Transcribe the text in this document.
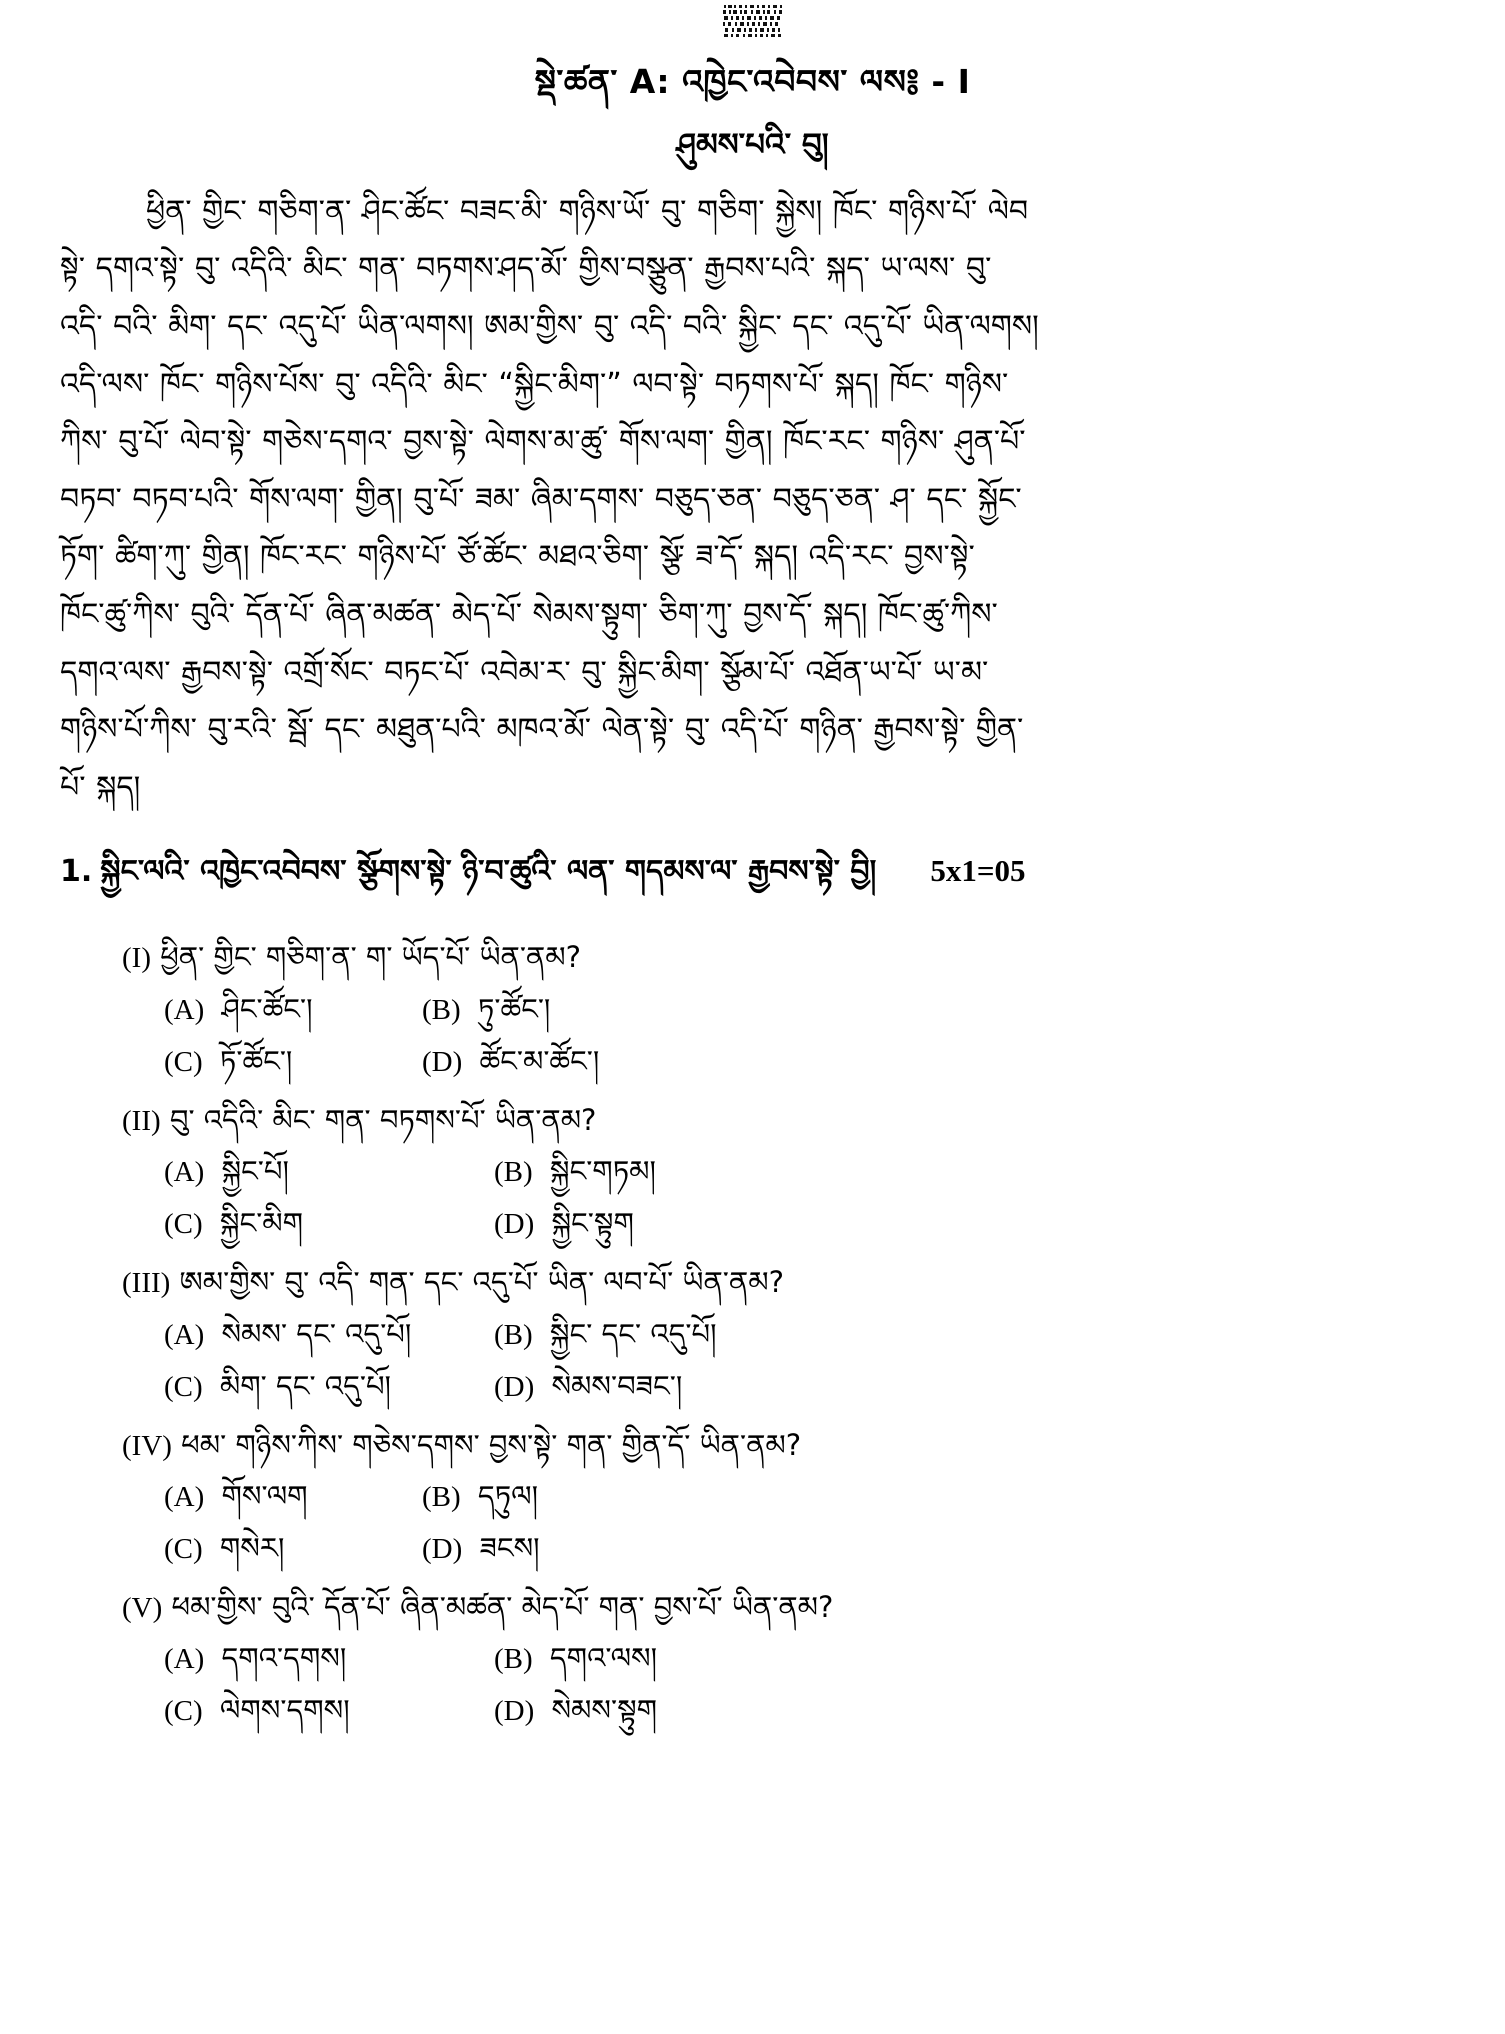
སྡེ་ཚན་ A: འཁྱེང་འབེབས་ ལས༔ - I
ཤུམས་པའི་ བུ།
ཕྱིན་ གྱིང་ གཅིག་ན་ ཤིང་ཚོང་ བཟང་མི་ གཉིས་ཡོ་ བུ་ གཅིག་ སྐྱེས། ཁོང་ གཉིས་པོ་ ལེབ
སྟེ་ དགའ་སྟེ་ བུ་ འདིའི་ མིང་ གན་ བཏགས་ཤད་མོ་ གྱིས་བསྩུན་ རྒྱབས་པའི་ སྐད་ ཡ་ལས་ བུ་
འདི་ བའི་ མིག་ དང་ འདུ་པོ་ ཡིན་ལགས། ཨམ་གྱིས་ བུ་ འདི་ བའི་ སྐྱིང་ དང་ འདུ་པོ་ ཡིན་ལགས།
འདི་ལས་ ཁོང་ གཉིས་པོས་ བུ་ འདིའི་ མིང་ “སྐྱིང་མིག་” ལབ་སྟེ་ བཏགས་པོ་ སྐད། ཁོང་ གཉིས་
ཀིས་ བུ་པོ་ ལེབ་སྟེ་ གཅེས་དགའ་ བྱས་སྟེ་ ལེགས་མ་ཚུ་ གོས་ལག་ གྱིན། ཁོང་རང་ གཉིས་ ཤུན་པོ་
བཏབ་ བཏབ་པའི་ གོས་ལག་ གྱིན། བུ་པོ་ ཟམ་ ཞིམ་དགས་ བཅུད་ཅན་ བཅུད་ཅན་ ཤ་ དང་ སྐྱོང་
ཏོག་ ཚིག་ཀུ་ གྱིན། ཁོང་རང་ གཉིས་པོ་ ཙོ་ཚོང་ མཐའ་ཅིག་ སྩོ་ ཟ་དོ་ སྐད། འདི་རང་ བྱས་སྟེ་
ཁོང་ཚུ་ཀིས་ བུའི་ དོན་པོ་ ཞིན་མཚན་ མེད་པོ་ སེམས་སྟུག་ ཅིག་ཀུ་ བྱས་དོ་ སྐད། ཁོང་ཚུ་ཀིས་
དགའ་ལས་ རྒྱབས་སྟེ་ འགྲོ་སོང་ བཏང་པོ་ འབེམ་ར་ བུ་ སྐྱིང་མིག་ སྩོམ་པོ་ འཐོན་ཡ་པོ་ ཡ་མ་
གཉིས་པོ་ཀིས་ བུ་རའི་ སྦོ་ དང་ མཐུན་པའི་ མཁའ་མོ་ ལེན་སྟེ་ བུ་ འདི་པོ་ གཉིན་ རྒྱབས་སྟེ་ གྱིན་
པོ་ སྐད།
1. སྐྱིང་ལའི་ འཁྱེང་འབེབས་ སྩོགས་སྟེ་ ཉི་བ་ཚུའི་ ལན་ གདམས་ལ་ རྒྱབས་སྟེ་ བྱི། 5x1=05
(I) ཕྱིན་ གྱིང་ གཅིག་ན་ ག་ ཡོད་པོ་ ཡིན་ནམ?
(A) ཤིང་ཚོང་།	(B) ཏུ་ཚོང་།
(C) ཏོ་ཚོང་།	(D) ཚོང་མ་ཚོང་།
(II) བུ་ འདིའི་ མིང་ གན་ བཏགས་པོ་ ཡིན་ནམ?
(A) སྐྱིང་པོ།	(B) སྐྱིང་གཏམ།
(C) སྐྱིང་མིག	(D) སྐྱིང་སྟུག
(III) ཨམ་གྱིས་ བུ་ འདི་ གན་ དང་ འདུ་པོ་ ཡིན་ ལབ་པོ་ ཡིན་ནམ?
(A) སེམས་ དང་ འདུ་པོ།	(B) སྐྱིང་ དང་ འདུ་པོ།
(C) མིག་ དང་ འདུ་པོ།	(D) སེམས་བཟང་།
(IV) ཕམ་ གཉིས་ཀིས་ གཅེས་དགས་ བྱས་སྟེ་ གན་ གྱིན་དོ་ ཡིན་ནམ?
(A) གོས་ལག	(B) དཏུལ།
(C) གསེར།	(D) ཟངས།
(V) ཕམ་གྱིས་ བུའི་ དོན་པོ་ ཞིན་མཚན་ མེད་པོ་ གན་ བྱས་པོ་ ཡིན་ནམ?
(A) དགའ་དགས།	(B) དགའ་ལས།
(C) ལེགས་དགས།	(D) སེམས་སྟུག
